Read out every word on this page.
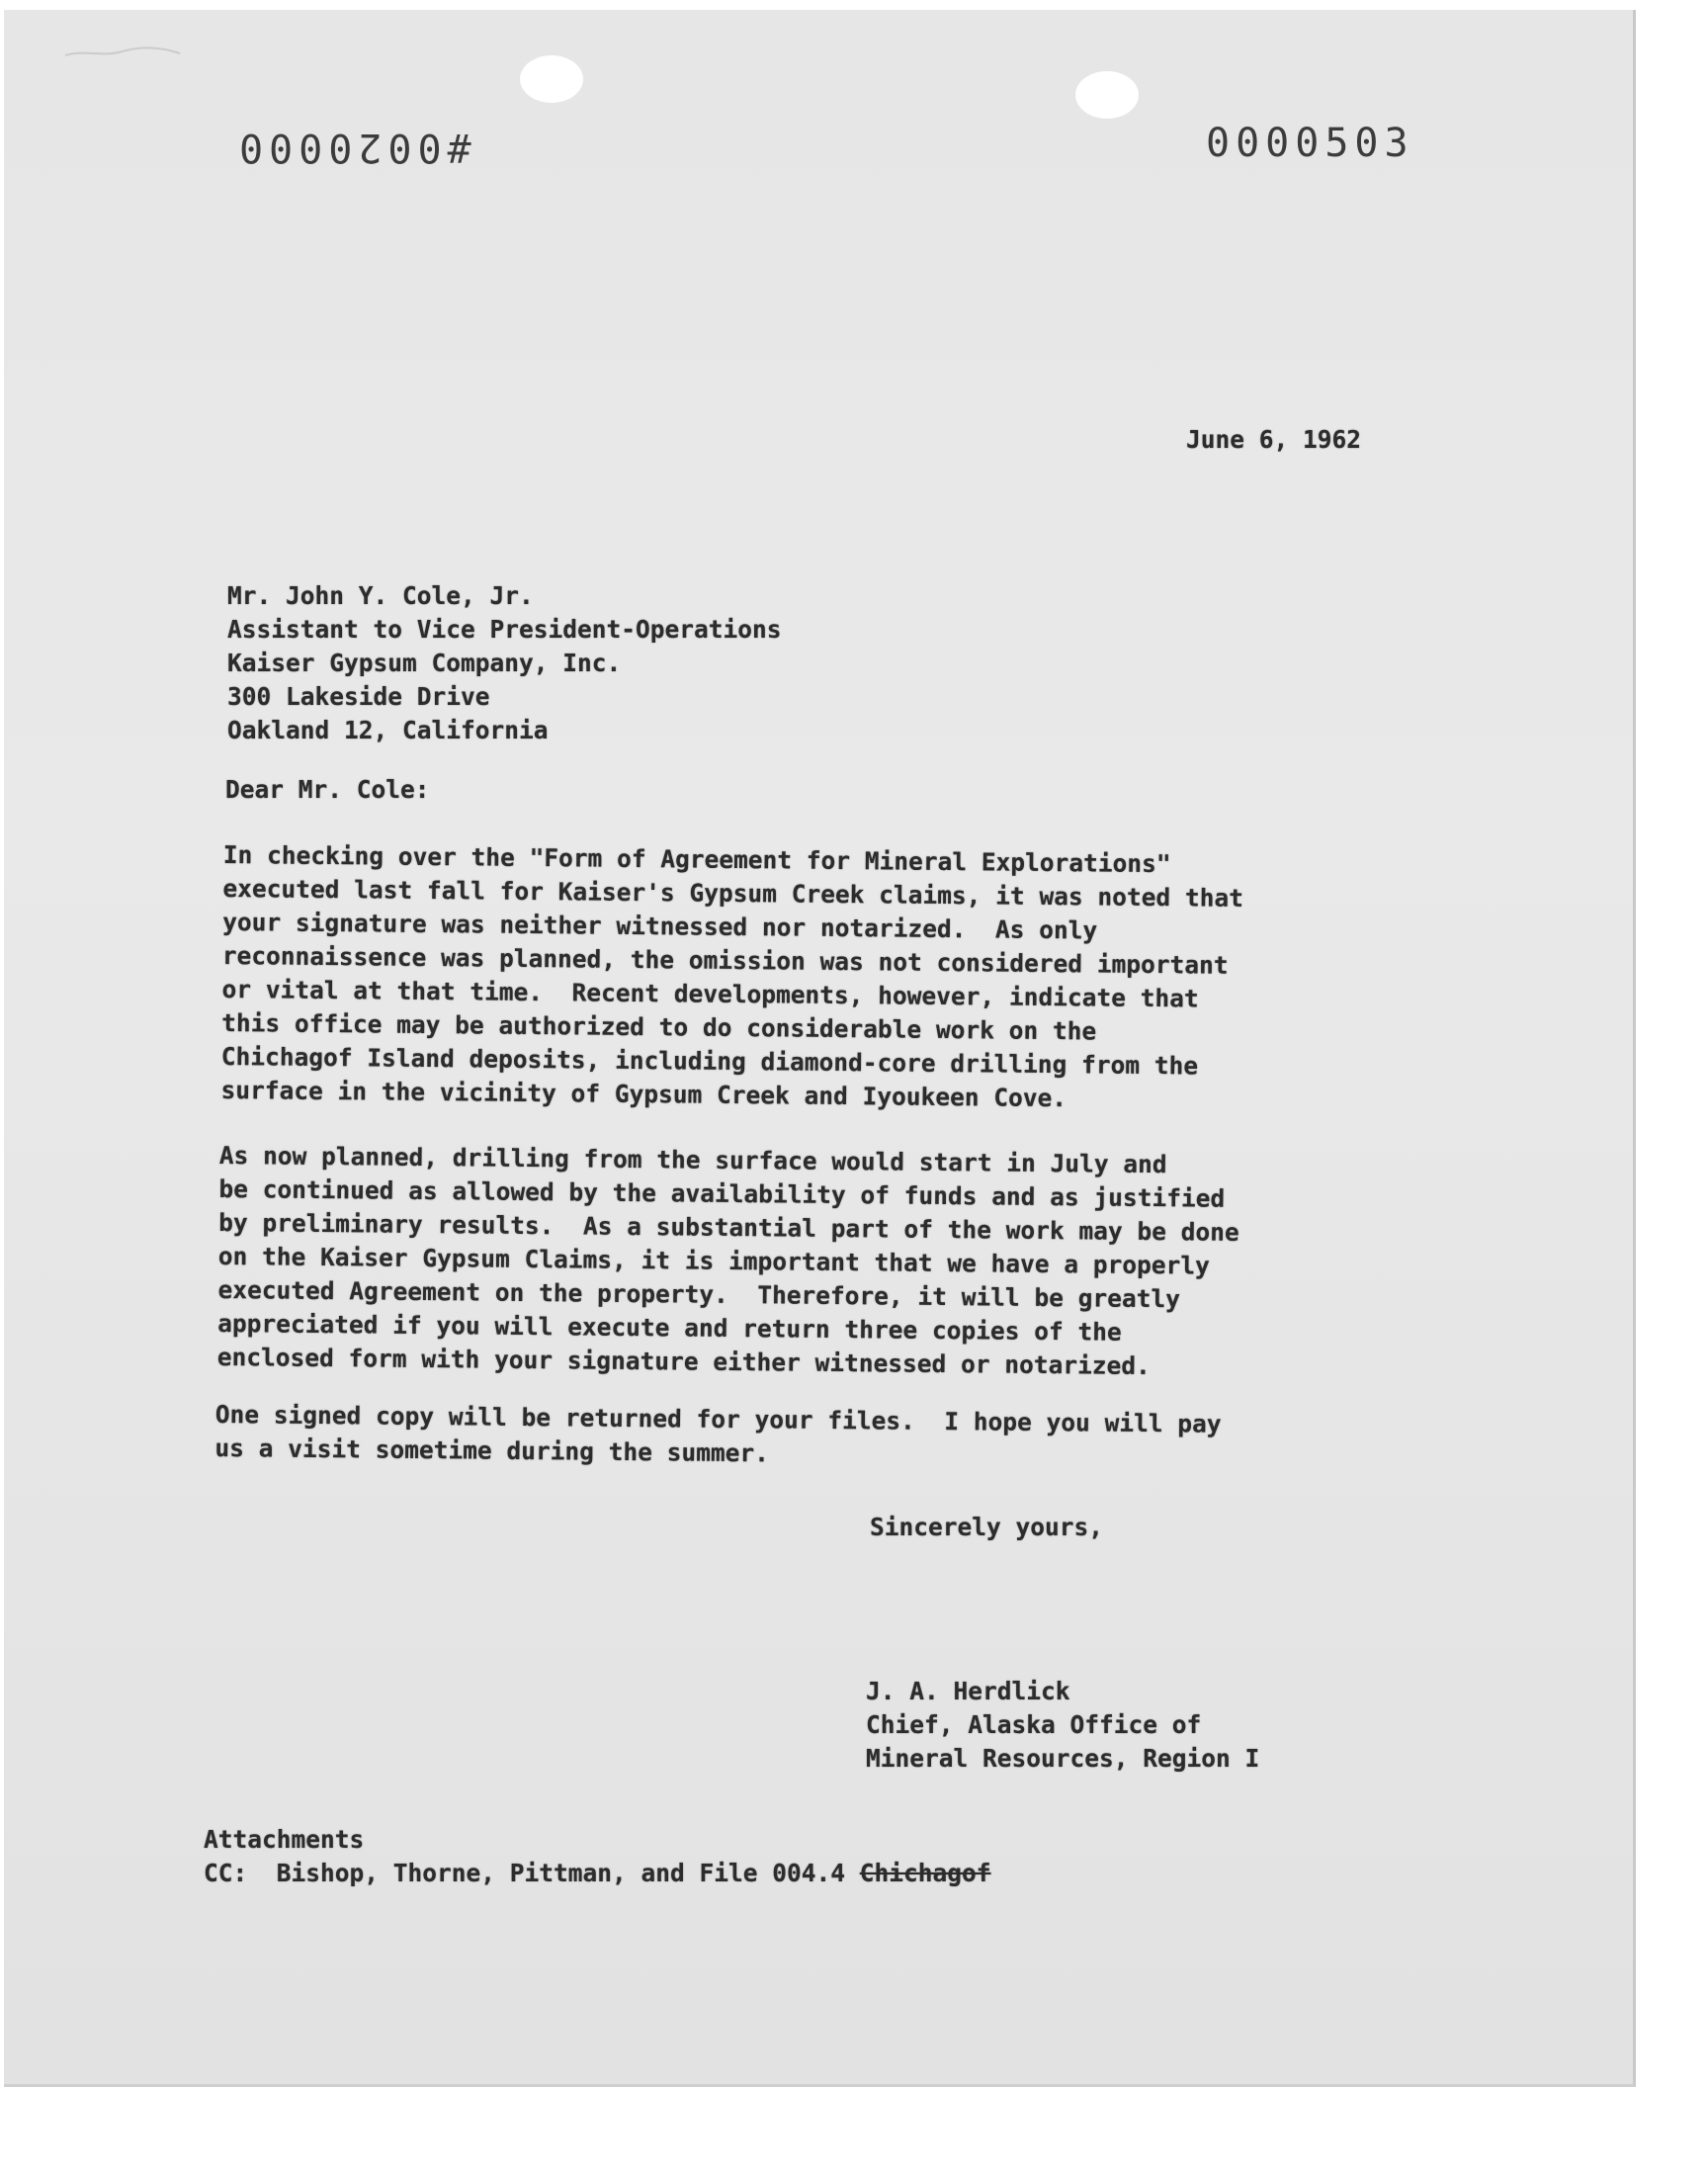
#0020000	0000503

June 6, 1962

Mr. John Y. Cole, Jr.
Assistant to Vice President-Operations
Kaiser Gypsum Company, Inc.
300 Lakeside Drive
Oakland 12, California

Dear Mr. Cole:

In checking over the "Form of Agreement for Mineral Explorations"
executed last fall for Kaiser's Gypsum Creek claims, it was noted that
your signature was neither witnessed nor notarized.  As only
reconnaissence was planned, the omission was not considered important
or vital at that time.  Recent developments, however, indicate that
this office may be authorized to do considerable work on the
Chichagof Island deposits, including diamond-core drilling from the
surface in the vicinity of Gypsum Creek and Iyoukeen Cove.
As now planned, drilling from the surface would start in July and
be continued as allowed by the availability of funds and as justified
by preliminary results.  As a substantial part of the work may be done
on the Kaiser Gypsum Claims, it is important that we have a properly
executed Agreement on the property.  Therefore, it will be greatly
appreciated if you will execute and return three copies of the
enclosed form with your signature either witnessed or notarized.
One signed copy will be returned for your files.  I hope you will pay
us a visit sometime during the summer.

Sincerely yours,

J. A. Herdlick
Chief, Alaska Office of
Mineral Resources, Region I
Attachments
CC:  Bishop, Thorne, Pittman, and File 004.4 Chichagof
